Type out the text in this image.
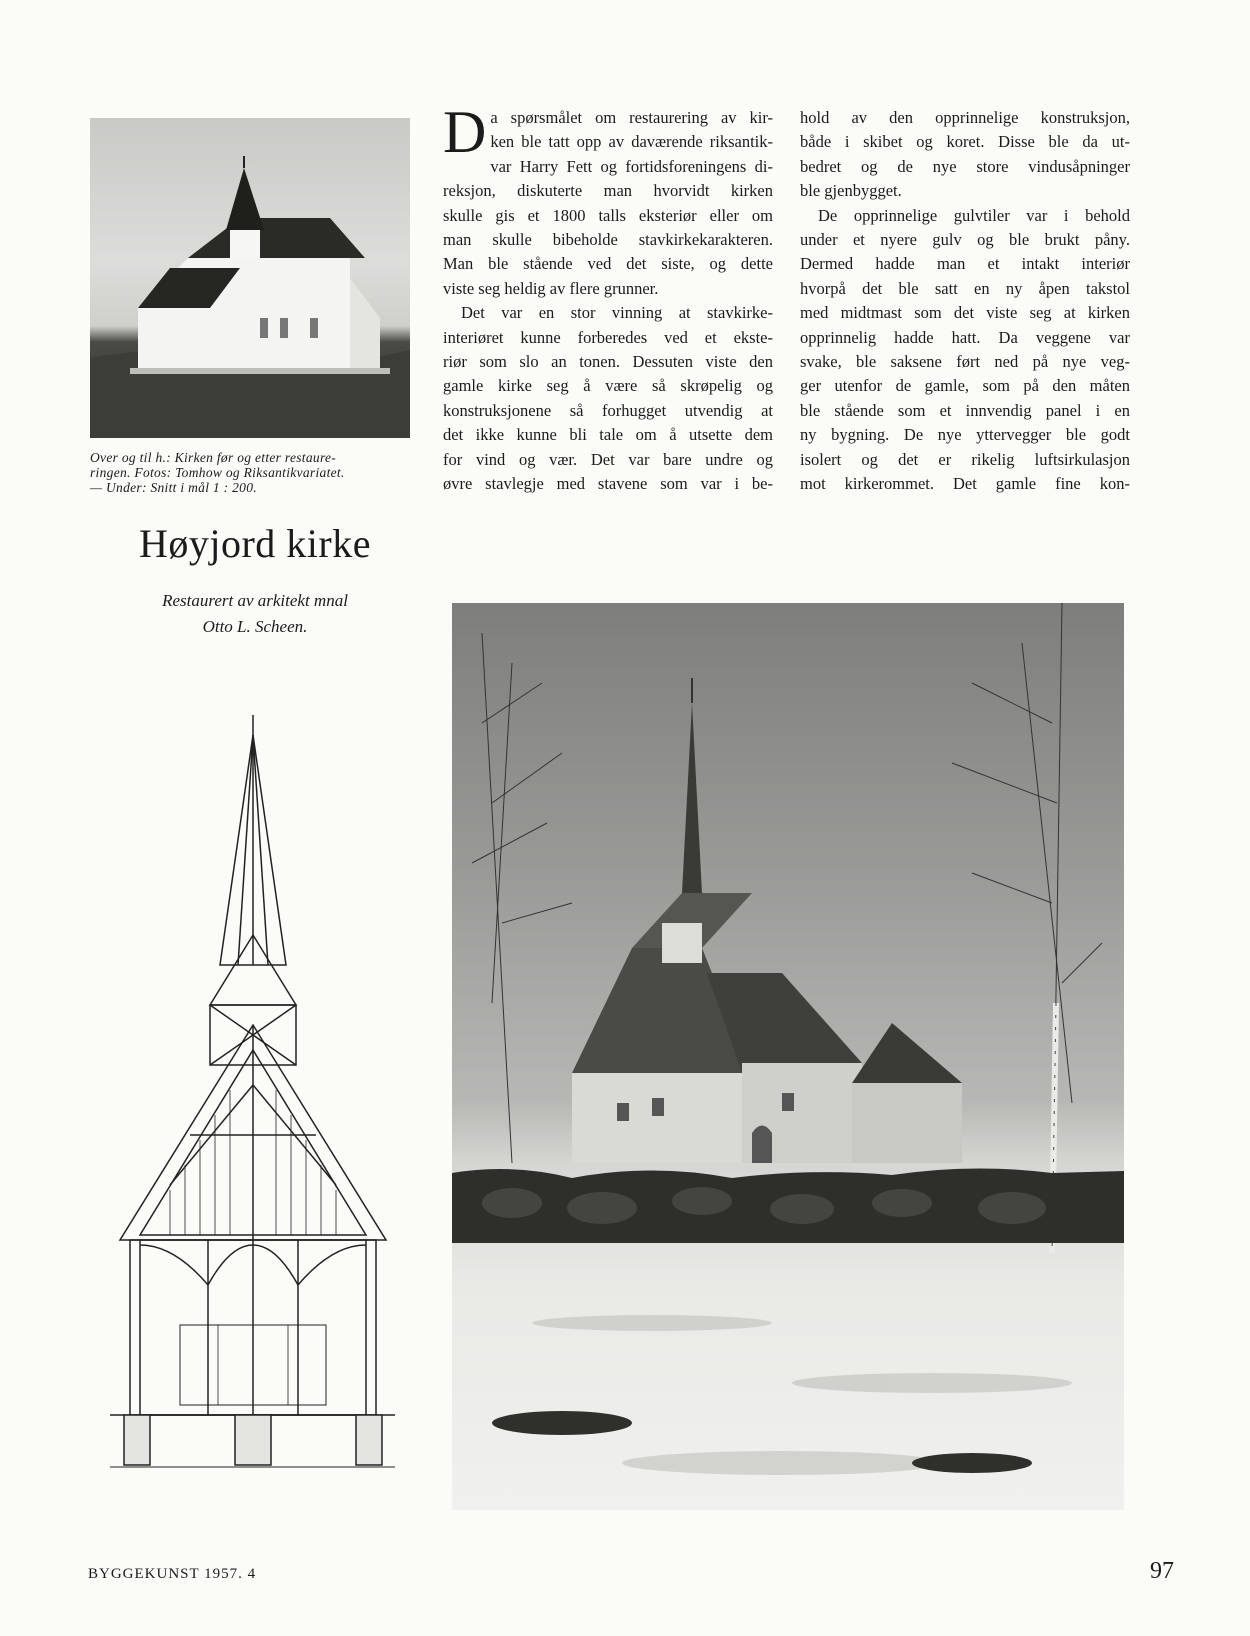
Over og til h.: Kirken før og etter restaure-
ringen. Fotos: Tomhow og Riksantikvariatet.
— Under: Snitt i mål 1 : 200.
Høyjord kirke
Restaurert av arkitekt mnal
Otto L. Scheen.
D a spørsmålet om restaurering av kir-
ken ble tatt opp av daværende riksantik-
var Harry Fett og fortidsforeningens di-
reksjon, diskuterte man hvorvidt kirken
skulle gis et 1800 talls eksteriør eller om
man skulle bibeholde stavkirkekarakteren.
Man ble stående ved det siste, og dette
viste seg heldig av flere grunner.
Det var en stor vinning at stavkirke-
interiøret kunne forberedes ved et ekste-
riør som slo an tonen. Dessuten viste den
gamle kirke seg å være så skrøpelig og
konstruksjonene så forhugget utvendig at
det ikke kunne bli tale om å utsette dem
for vind og vær. Det var bare undre og
øvre stavlegje med stavene som var i be-
hold av den opprinnelige konstruksjon,
både i skibet og koret. Disse ble da ut-
bedret og de nye store vindusåpninger
ble gjenbygget.
De opprinnelige gulvtiler var i behold
under et nyere gulv og ble brukt påny.
Dermed hadde man et intakt interiør
hvorpå det ble satt en ny åpen takstol
med midtmast som det viste seg at kirken
opprinnelig hadde hatt. Da veggene var
svake, ble saksene ført ned på nye veg-
ger utenfor de gamle, som på den måten
ble stående som et innvendig panel i en
ny bygning. De nye yttervegger ble godt
isolert og det er rikelig luftsirkulasjon
mot kirkerommet. Det gamle fine kon-
BYGGEKUNST 1957. 4	97
